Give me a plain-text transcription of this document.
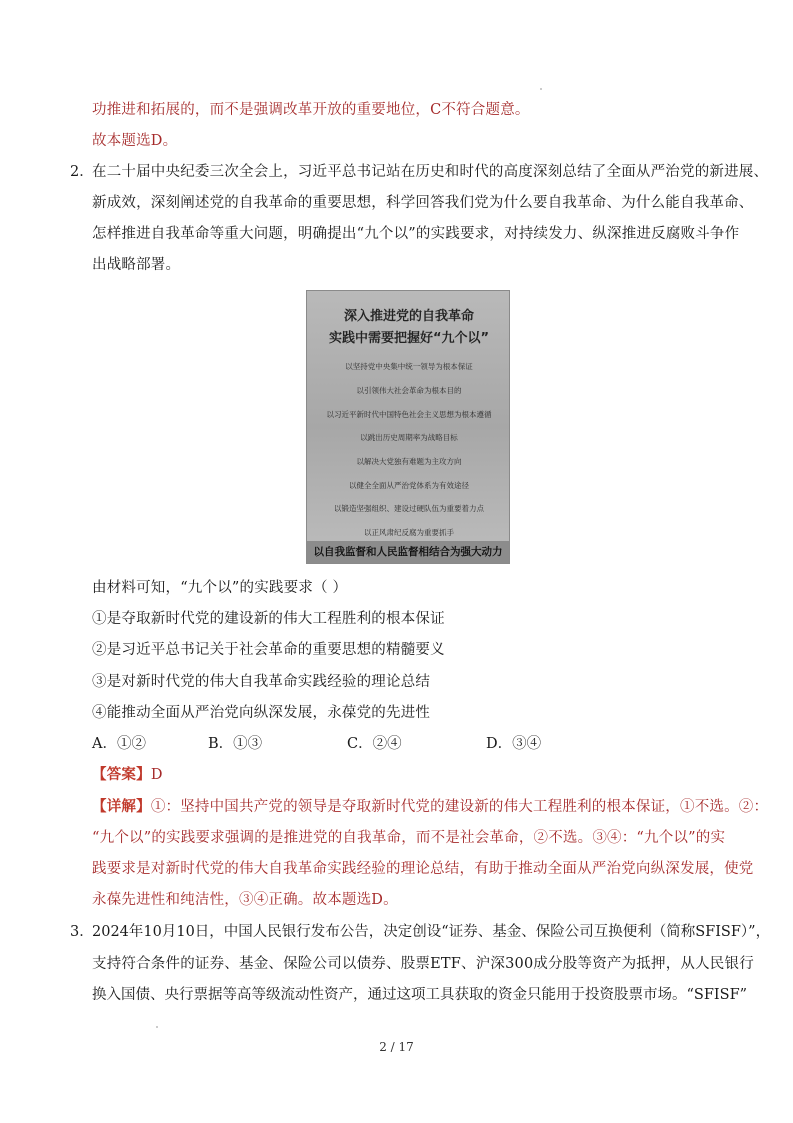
功推进和拓展的，而不是强调改革开放的重要地位，C不符合题意。
故本题选D。
2．
在二十届中央纪委三次全会上，习近平总书记站在历史和时代的高度深刻总结了全面从严治党的新进展、
新成效，深刻阐述党的自我革命的重要思想，科学回答我们党为什么要自我革命、为什么能自我革命、
怎样推进自我革命等重大问题，明确提出“九个以”的实践要求，对持续发力、纵深推进反腐败斗争作
出战略部署。
深入推进党的自我革命
实践中需要把握好“九个以”
以坚持党中央集中统一领导为根本保证
以引领伟大社会革命为根本目的
以习近平新时代中国特色社会主义思想为根本遵循
以跳出历史周期率为战略目标
以解决大党独有难题为主攻方向
以健全全面从严治党体系为有效途径
以锻造坚强组织、建设过硬队伍为重要着力点
以正风肃纪反腐为重要抓手
以自我监督和人民监督相结合为强大动力
由材料可知，“九个以”的实践要求（ ）
①是夺取新时代党的建设新的伟大工程胜利的根本保证
②是习近平总书记关于社会革命的重要思想的精髓要义
③是对新时代党的伟大自我革命实践经验的理论总结
④能推动全面从严治党向纵深发展，永葆党的先进性
A．①②	B．①③	C．②④	D．③④
【答案】D
【详解】①：坚持中国共产党的领导是夺取新时代党的建设新的伟大工程胜利的根本保证，①不选。②：
“九个以”的实践要求强调的是推进党的自我革命，而不是社会革命，②不选。③④：“九个以”的实
践要求是对新时代党的伟大自我革命实践经验的理论总结，有助于推动全面从严治党向纵深发展，使党
永葆先进性和纯洁性，③④正确。故本题选D。
3．
2024年10月10日，中国人民银行发布公告，决定创设“证券、基金、保险公司互换便利（简称SFISF）”，
支持符合条件的证券、基金、保险公司以债券、股票ETF、沪深300成分股等资产为抵押，从人民银行
换入国债、央行票据等高等级流动性资产，通过这项工具获取的资金只能用于投资股票市场。“SFISF”
2 / 17
